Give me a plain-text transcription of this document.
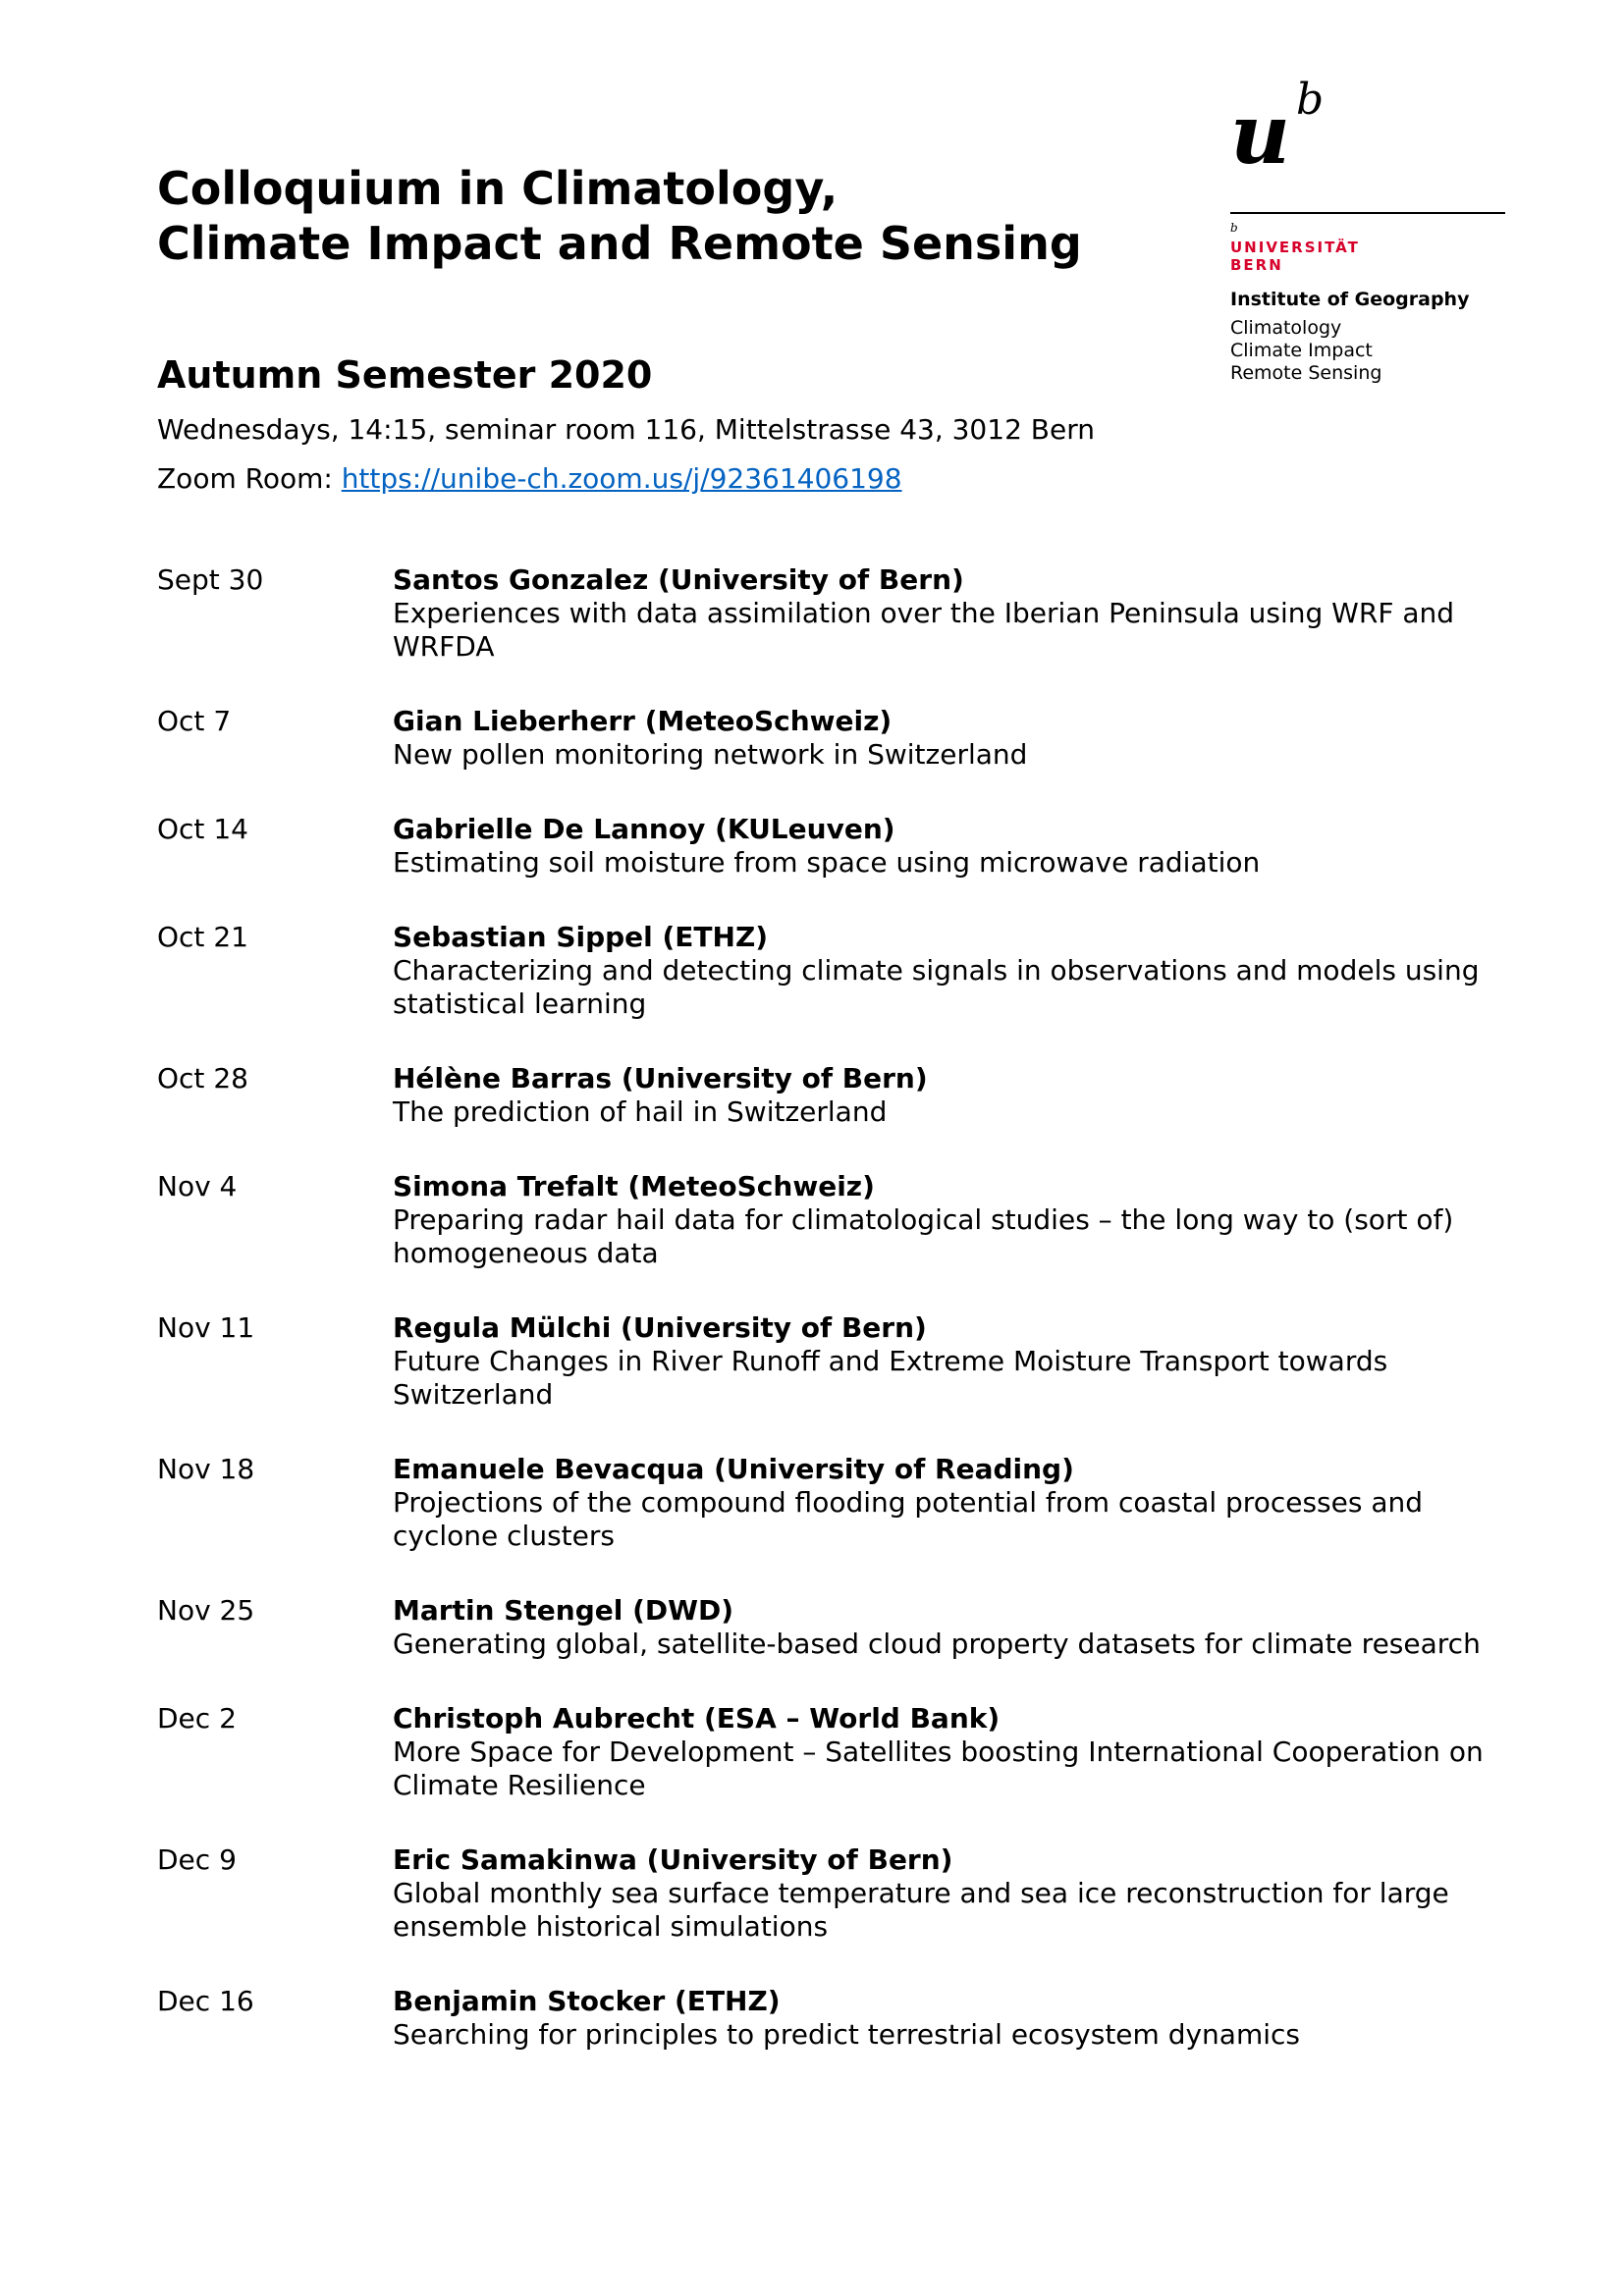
Colloquium in Climatology,
Climate Impact and Remote Sensing
u b
b
UNIVERSITÄT
BERN
Institute of Geography
Climatology
Climate Impact
Remote Sensing
Autumn Semester 2020
Wednesdays, 14:15, seminar room 116, Mittelstrasse 43, 3012 Bern
Zoom Room: https://unibe-ch.zoom.us/j/92361406198
Sept 30	Santos Gonzalez (University of Bern)
Experiences with data assimilation over the Iberian Peninsula using WRF and WRFDA
Oct 7	Gian Lieberherr (MeteoSchweiz)
New pollen monitoring network in Switzerland
Oct 14	Gabrielle De Lannoy (KULeuven)
Estimating soil moisture from space using microwave radiation
Oct 21	Sebastian Sippel (ETHZ)
Characterizing and detecting climate signals in observations and models using statistical learning
Oct 28	Hélène Barras (University of Bern)
The prediction of hail in Switzerland
Nov 4	Simona Trefalt (MeteoSchweiz)
Preparing radar hail data for climatological studies – the long way to (sort of) homogeneous data
Nov 11	Regula Mülchi (University of Bern)
Future Changes in River Runoff and Extreme Moisture Transport towards Switzerland
Nov 18	Emanuele Bevacqua (University of Reading)
Projections of the compound flooding potential from coastal processes and cyclone clusters
Nov 25	Martin Stengel (DWD)
Generating global, satellite-based cloud property datasets for climate research
Dec 2	Christoph Aubrecht (ESA – World Bank)
More Space for Development – Satellites boosting International Cooperation on Climate Resilience
Dec 9	Eric Samakinwa (University of Bern)
Global monthly sea surface temperature and sea ice reconstruction for large ensemble historical simulations
Dec 16	Benjamin Stocker (ETHZ)
Searching for principles to predict terrestrial ecosystem dynamics
